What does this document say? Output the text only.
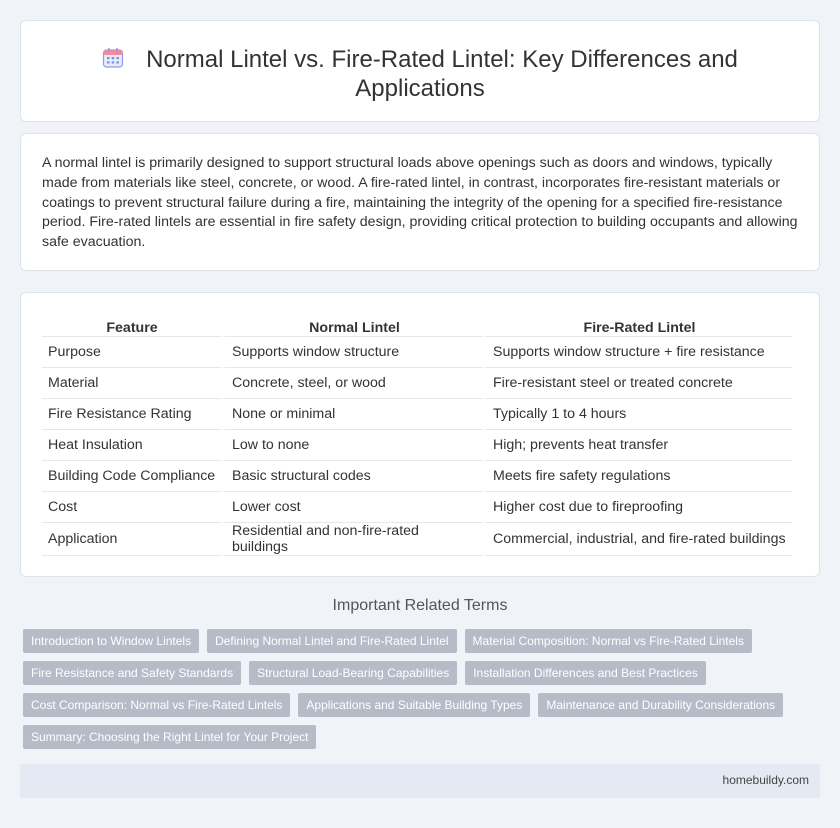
Normal Lintel vs. Fire-Rated Lintel: Key Differences and Applications

A normal lintel is primarily designed to support structural loads above openings such as doors and windows, typically made from materials like steel, concrete, or wood. A fire-rated lintel, in contrast, incorporates fire-resistant materials or coatings to prevent structural failure during a fire, maintaining the integrity of the opening for a specified fire-resistance period. Fire-rated lintels are essential in fire safety design, providing critical protection to building occupants and allowing safe evacuation.

Feature	Normal Lintel	Fire-Rated Lintel
Purpose	Supports window structure	Supports window structure + fire resistance
Material	Concrete, steel, or wood	Fire-resistant steel or treated concrete
Fire Resistance Rating	None or minimal	Typically 1 to 4 hours
Heat Insulation	Low to none	High; prevents heat transfer
Building Code Compliance	Basic structural codes	Meets fire safety regulations
Cost	Lower cost	Higher cost due to fireproofing
Application	Residential and non-fire-rated buildings	Commercial, industrial, and fire-rated buildings
Important Related Terms
Introduction to Window Lintels	Defining Normal Lintel and Fire-Rated Lintel	Material Composition: Normal vs Fire-Rated Lintels
Fire Resistance and Safety Standards	Structural Load-Bearing Capabilities	Installation Differences and Best Practices
Cost Comparison: Normal vs Fire-Rated Lintels	Applications and Suitable Building Types	Maintenance and Durability Considerations
Summary: Choosing the Right Lintel for Your Project
homebuildy.com
